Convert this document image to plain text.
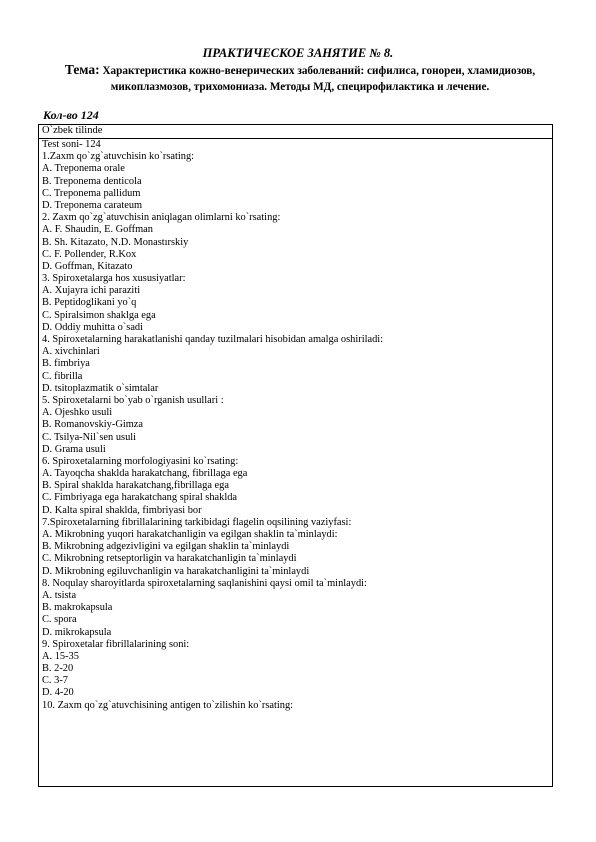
ПРАКТИЧЕСКОЕ ЗАНЯТИЕ № 8.
Тема: Характеристика кожно-венерических заболеваний: сифилиса, гонореи, хламидиозов,
микоплазмозов, трихомониаза. Методы МД, специрофилактика и лечение.
Кол-во 124
O`zbek tilinde
Test soni- 124
1.Zaxm qo`zg`atuvchisin ko`rsating:
A. Treponema orale
B. Treponema denticola
C. Treponema pallidum
D. Treponema carateum
2. Zaxm qo`zg`atuvchisin aniqlagan olimlarni ko`rsating:
A. F. Shaudin, E. Goffman
B. Sh. Kitazato, N.D. Monastırskiy
C. F. Pollender, R.Kox
D. Goffman, Kitazato
3. Spiroxetalarga hos xususiyatlar:
A. Xujayra ichi paraziti
B. Peptidoglikani yo`q
C. Spiralsimon shaklga ega
D. Oddiy muhitta o`sadi
4. Spiroxetalarning harakatlanishi qanday tuzilmalari hisobidan amalga oshiriladi:
A. xivchinlari
B. fimbriya
C. fibrilla
D. tsitoplazmatik o`simtalar
5. Spiroxetalarni bo`yab o`rganish usullari :
A. Ojeshko usuli
B. Romanovskiy-Gimza
C. Tsilya-Nil`sen usuli
D. Grama usuli
6. Spiroxetalarning morfologiyasini ko`rsating:
A. Tayoqcha shaklda harakatchang, fibrillaga ega
B. Spiral shaklda harakatchang,fibrillaga ega
C. Fimbriyaga ega harakatchang spiral shaklda
D. Kalta spiral shaklda, fimbriyasi bor
7.Spiroxetalarning fibrillalarining tarkibidagi flagelin oqsilining vaziyfasi:
A. Mikrobning yuqori harakatchanligin va egilgan shaklin ta`minlaydi:
B. Mikrobning adgezivligini va egilgan shaklin ta`minlaydi
C. Mikrobning retseptorligin va harakatchanligin ta`minlaydi
D. Mikrobning egiluvchanligin va harakatchanligini ta`minlaydi
8. Noqulay sharoyitlarda spiroxetalarning saqlanishini qaysi omil ta`minlaydi:
A. tsista
B. makrokapsula
C. spora
D. mikrokapsula
9. Spiroxetalar fibrillalarining soni:
A. 15-35
B. 2-20
C. 3-7
D. 4-20
10. Zaxm qo`zg`atuvchisining antigen to`zilishin ko`rsating:
